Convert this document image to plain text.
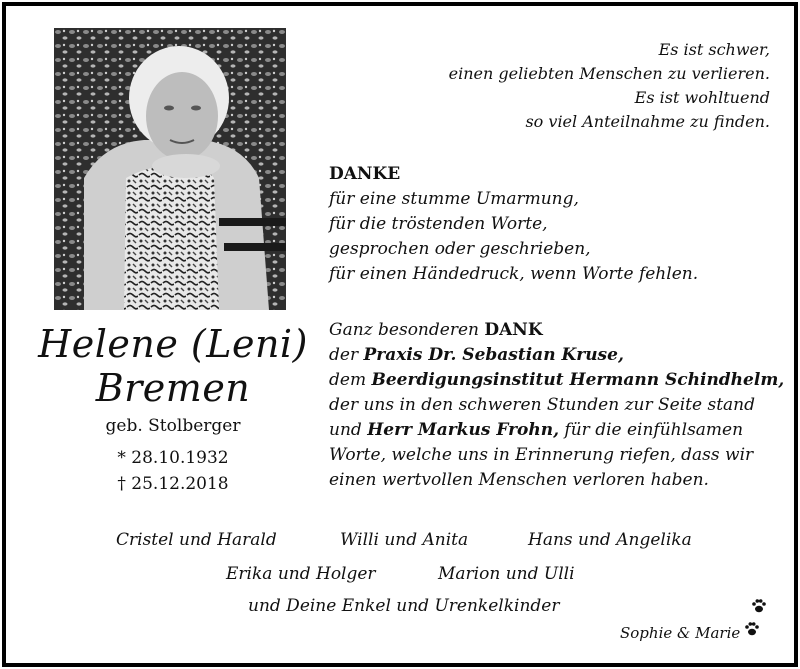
Helene (Leni)
Bremen
geb. Stolberger
* 28.10.1932
† 25.12.2018
Es ist schwer,
einen geliebten Menschen zu verlieren.
Es ist wohltuend
so viel Anteilnahme zu finden.
DANKE
für eine stumme Umarmung,
für die tröstenden Worte,
gesprochen oder geschrieben,
für einen Händedruck, wenn Worte fehlen.
Ganz besonderen DANK
der Praxis Dr. Sebastian Kruse,
dem Beerdigungsinstitut Hermann Schindhelm,
der uns in den schweren Stunden zur Seite stand
und Herr Markus Frohn, für die einfühlsamen
Worte, welche uns in Erinnerung riefen, dass wir
einen wertvollen Menschen verloren haben.
Cristel und Harald	Willi und Anita	Hans und Angelika
Erika und Holger	Marion und Ulli
und Deine Enkel und Urenkelkinder
Sophie & Marie
